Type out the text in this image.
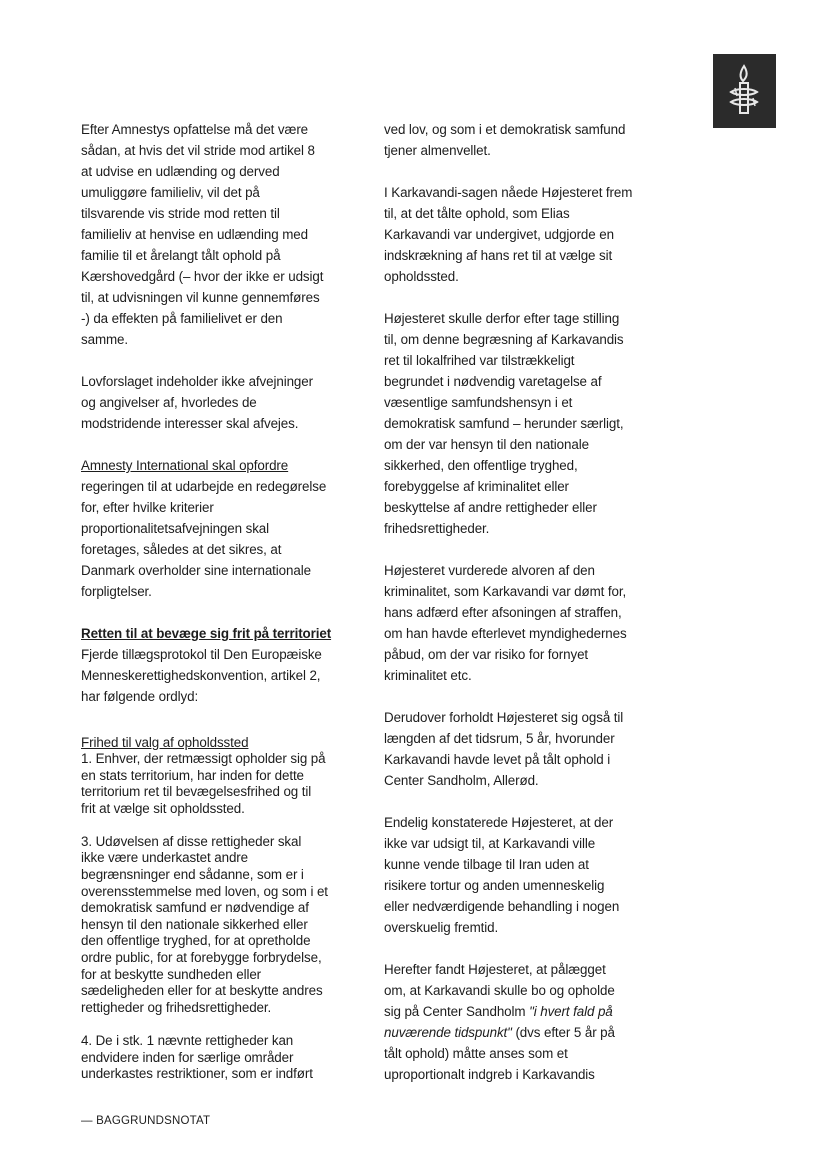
Efter Amnestys opfattelse må det være

sådan, at hvis det vil stride mod artikel 8

at udvise en udlænding og derved

umuliggøre familieliv, vil det på

tilsvarende vis stride mod retten til

familieliv at henvise en udlænding med

familie til et årelangt tålt ophold på

Kærshovedgård (– hvor der ikke er udsigt

til, at udvisningen vil kunne gennemføres

-) da effekten på familielivet er den

samme.

Lovforslaget indeholder ikke afvejninger

og angivelser af, hvorledes de

modstridende interesser skal afvejes.

Amnesty International skal opfordre

regeringen til at udarbejde en redegørelse

for, efter hvilke kriterier

proportionalitetsafvejningen skal

foretages, således at det sikres, at

Danmark overholder sine internationale

forpligtelser.

Retten til at bevæge sig frit på territoriet

Fjerde tillægsprotokol til Den Europæiske

Menneskerettighedskonvention, artikel 2,

har følgende ordlyd:

Frihed til valg af opholdssted

1. Enhver, der retmæssigt opholder sig på

en stats territorium, har inden for dette

territorium ret til bevægelsesfrihed og til

frit at vælge sit opholdssted.

3. Udøvelsen af disse rettigheder skal

ikke være underkastet andre

begrænsninger end sådanne, som er i

overensstemmelse med loven, og som i et

demokratisk samfund er nødvendige af

hensyn til den nationale sikkerhed eller

den offentlige tryghed, for at opretholde

ordre public, for at forebygge forbrydelse,

for at beskytte sundheden eller

sædeligheden eller for at beskytte andres

rettigheder og frihedsrettigheder.

4. De i stk. 1 nævnte rettigheder kan

endvidere inden for særlige områder

underkastes restriktioner, som er indført

ved lov, og som i et demokratisk samfund

tjener almenvellet.

I Karkavandi-sagen nåede Højesteret frem

til, at det tålte ophold, som Elias

Karkavandi var undergivet, udgjorde en

indskrækning af hans ret til at vælge sit

opholdssted.

Højesteret skulle derfor efter tage stilling

til, om denne begræsning af Karkavandis

ret til lokalfrihed var tilstrækkeligt

begrundet i nødvendig varetagelse af

væsentlige samfundshensyn i et

demokratisk samfund – herunder særligt,

om der var hensyn til den nationale

sikkerhed, den offentlige tryghed,

forebyggelse af kriminalitet eller

beskyttelse af andre rettigheder eller

frihedsrettigheder.

Højesteret vurderede alvoren af den

kriminalitet, som Karkavandi var dømt for,

hans adfærd efter afsoningen af straffen,

om han havde efterlevet myndighedernes

påbud, om der var risiko for fornyet

kriminalitet etc.

Derudover forholdt Højesteret sig også til

længden af det tidsrum, 5 år, hvorunder

Karkavandi havde levet på tålt ophold i

Center Sandholm, Allerød.

Endelig konstaterede Højesteret, at der

ikke var udsigt til, at Karkavandi ville

kunne vende tilbage til Iran uden at

risikere tortur og anden umenneskelig

eller nedværdigende behandling i nogen

overskuelig fremtid.

Herefter fandt Højesteret, at pålægget

om, at Karkavandi skulle bo og opholde

sig på Center Sandholm "i hvert fald på

nuværende tidspunkt" (dvs efter 5 år på

tålt ophold) måtte anses som et

uproportionalt indgreb i Karkavandis

— BAGGRUNDSNOTAT
